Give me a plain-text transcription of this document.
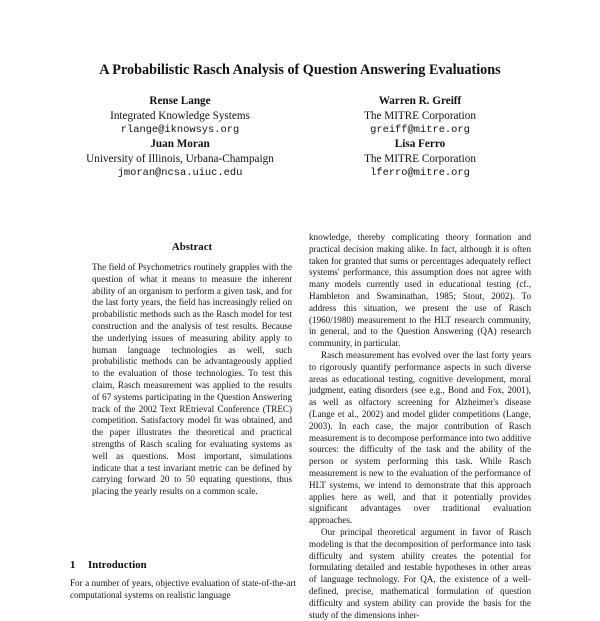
A Probabilistic Rasch Analysis of Question Answering Evaluations
Rense Lange
Integrated Knowledge Systems
rlange@iknowsys.org
Warren R. Greiff
The MITRE Corporation
greiff@mitre.org
Juan Moran
University of Illinois, Urbana-Champaign
jmoran@ncsa.uiuc.edu
Lisa Ferro
The MITRE Corporation
lferro@mitre.org
Abstract

The field of Psychometrics routinely grapples with the question of what it means to measure the inherent ability of an organism to perform a given task, and for the last forty years, the field has increasingly relied on probabilistic methods such as the Rasch model for test construction and the analysis of test results. Because the underlying issues of measuring ability apply to human language technologies as well, such probabilistic methods can be advantageously applied to the evaluation of those technologies. To test this claim, Rasch measurement was applied to the results of 67 systems participating in the Question Answering track of the 2002 Text REtrieval Conference (TREC) competition. Satisfactory model fit was obtained, and the paper illustrates the theoretical and practical strengths of Rasch scaling for evaluating systems as well as questions. Most important, simulations indicate that a test invariant metric can be defined by carrying forward 20 to 50 equating questions, thus placing the yearly results on a common scale.

1 Introduction

For a number of years, objective evaluation of state-of-the-art computational systems on realistic language

knowledge, thereby complicating theory formation and practical decision making alike. In fact, although it is often taken for granted that sums or percentages adequately reflect systems' performance, this assumption does not agree with many models currently used in educational testing (cf., Hambleton and Swaminathan, 1985; Stout, 2002). To address this situation, we present the use of Rasch (1960/1980) measurement to the HLT research community, in general, and to the Question Answering (QA) research community, in particular.

Rasch measurement has evolved over the last forty years to rigorously quantify performance aspects in such diverse areas as educational testing, cognitive development, moral judgment, eating disorders (see e.g., Bond and Fox, 2001), as well as olfactory screening for Alzheimer's disease (Lange et al., 2002) and model glider competitions (Lange, 2003). In each case, the major contribution of Rasch measurement is to decompose performance into two additive sources: the difficulty of the task and the ability of the person or system performing this task. While Rasch measurement is new to the evaluation of the performance of HLT systems, we intend to demonstrate that this approach applies here as well, and that it potentially provides significant advantages over traditional evaluation approaches.

Our principal theoretical argument in favor of Rasch modeling is that the decomposition of performance into task difficulty and system ability creates the potential for formulating detailed and testable hypotheses in other areas of language technology. For QA, the existence of a well-defined, precise, mathematical formulation of question difficulty and system ability can provide the basis for the study of the dimensions inher-
